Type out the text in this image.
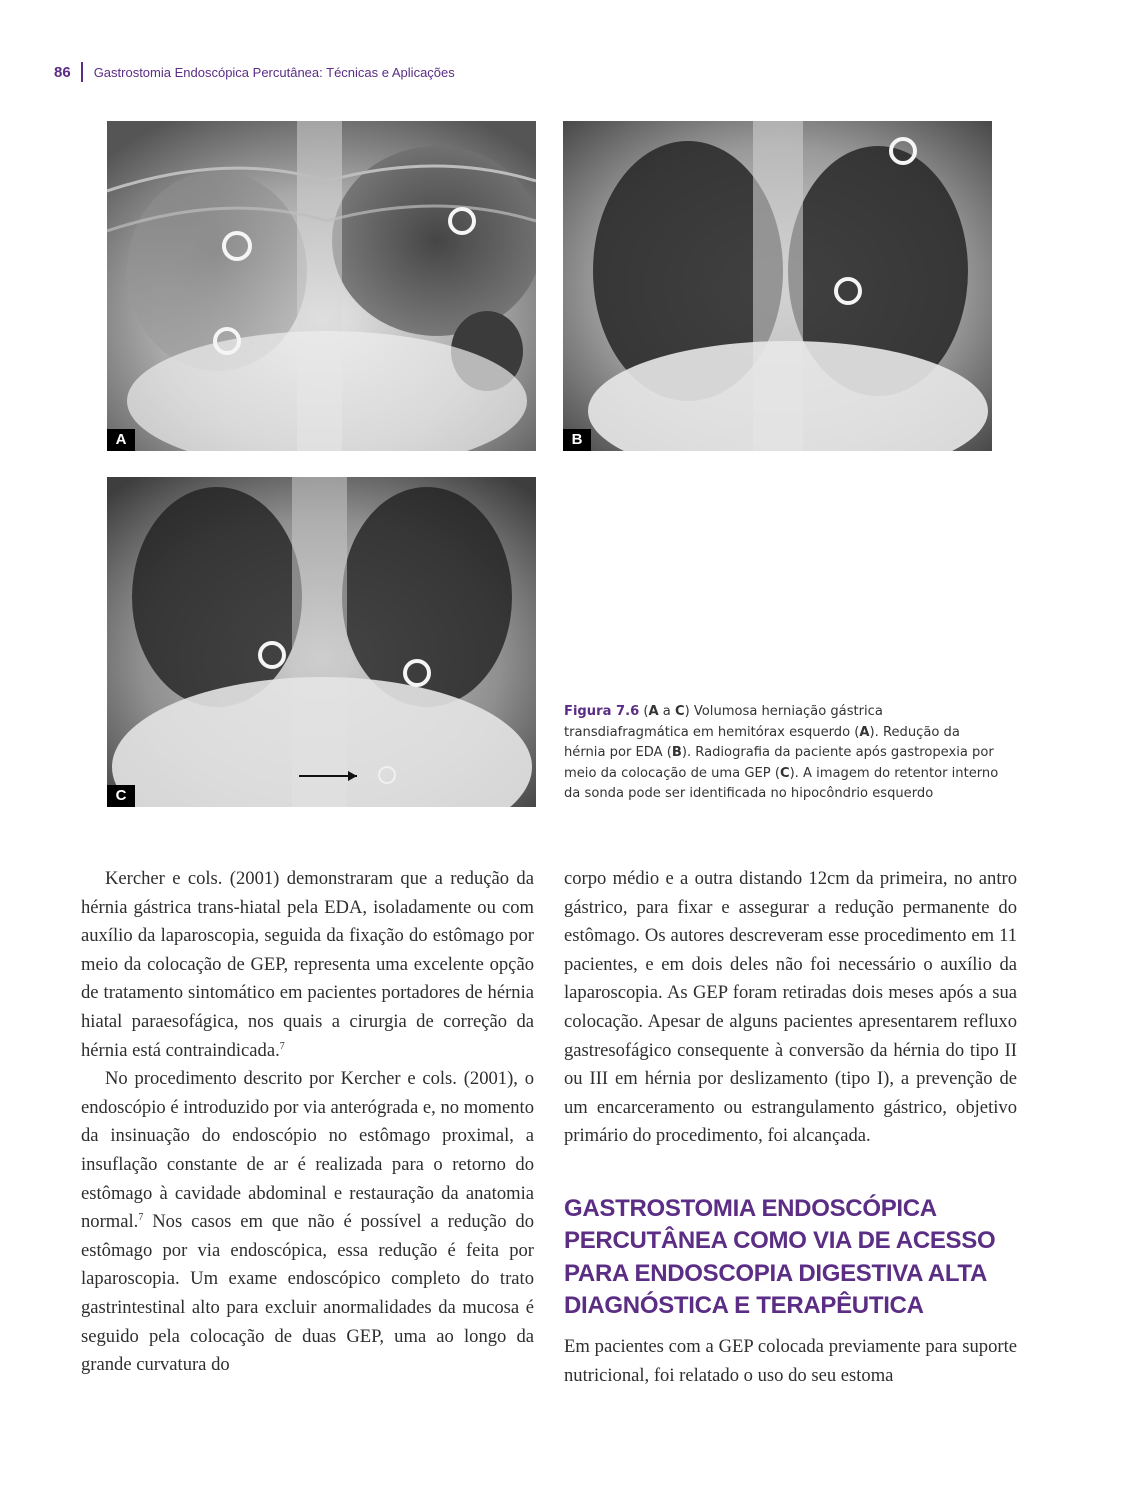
86 Gastrostomia Endoscópica Percutânea: Técnicas e Aplicações
A	B
C
Figura 7.6 (A a C) Volumosa herniação gástrica transdiafragmática em hemitórax esquerdo (A). Redução da hérnia por EDA (B). Radiografia da paciente após gastropexia por meio da colocação de uma GEP (C). A imagem do retentor interno da sonda pode ser identificada no hipocôndrio esquerdo

Kercher e cols. (2001) demonstraram que a redução da hérnia gástrica trans-hiatal pela EDA, isoladamente ou com auxílio da laparoscopia, seguida da fixação do estômago por meio da colocação de GEP, representa uma excelente opção de tratamento sintomático em pacientes portadores de hérnia hiatal paraesofágica, nos quais a cirurgia de correção da hérnia está contraindicada.$^7$

No procedimento descrito por Kercher e cols. (2001), o endoscópio é introduzido por via anterógrada e, no momento da insinuação do endoscópio no estômago proximal, a insuflação constante de ar é realizada para o retorno do estômago à cavidade abdominal e restauração da anatomia normal.$^7$ Nos casos em que não é possível a redução do estômago por via endoscópica, essa redução é feita por laparoscopia. Um exame endoscópico completo do trato gastrintestinal alto para excluir anormalidades da mucosa é seguido pela colocação de duas GEP, uma ao longo da grande curvatura do

corpo médio e a outra distando 12cm da primeira, no antro gástrico, para fixar e assegurar a redução permanente do estômago. Os autores descreveram esse procedimento em 11 pacientes, e em dois deles não foi necessário o auxílio da laparoscopia. As GEP foram retiradas dois meses após a sua colocação. Apesar de alguns pacientes apresentarem refluxo gastresofágico consequente à conversão da hérnia do tipo II ou III em hérnia por deslizamento (tipo I), a prevenção de um encarceramento ou estrangulamento gástrico, objetivo primário do procedimento, foi alcançada.

GASTROSTOMIA ENDOSCÓPICA
PERCUTÂNEA COMO VIA DE ACESSO
PARA ENDOSCOPIA DIGESTIVA ALTA
DIAGNÓSTICA E TERAPÊUTICA

Em pacientes com a GEP colocada previamente para suporte nutricional, foi relatado o uso do seu estoma
